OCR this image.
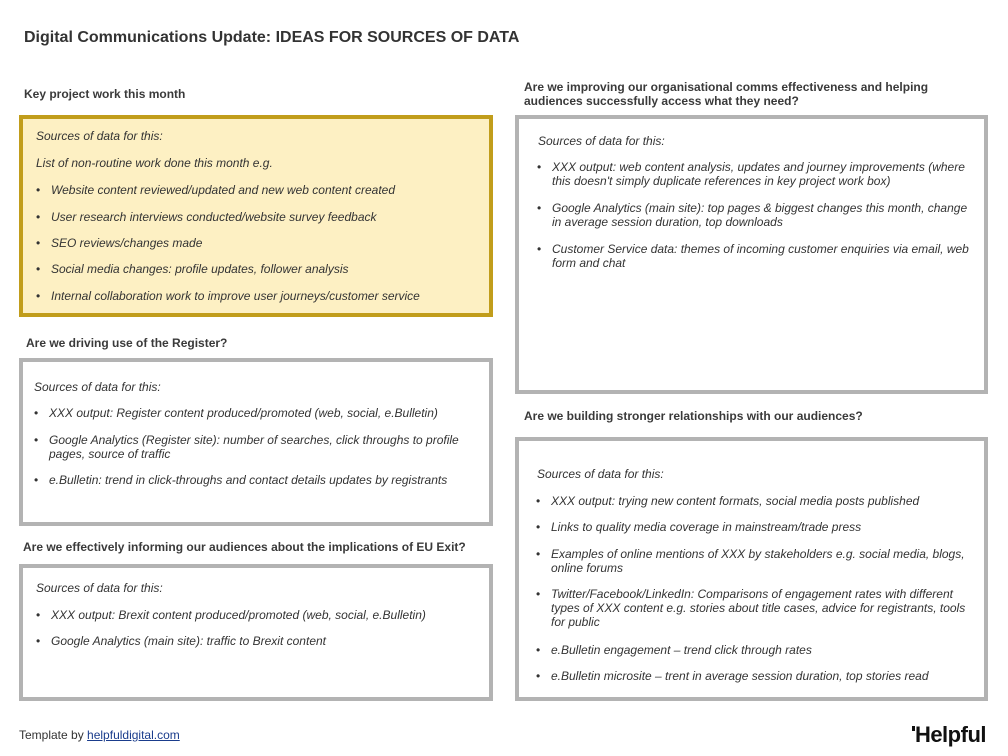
Digital Communications Update: IDEAS FOR SOURCES OF DATA
Key project work this month
Sources of data for this:
List of non-routine work done this month e.g.
• Website content reviewed/updated and new web content created
• User research interviews conducted/website survey feedback
• SEO reviews/changes made
• Social media changes: profile updates, follower analysis
• Internal collaboration work to improve user journeys/customer service
Are we improving our organisational comms effectiveness and helping audiences successfully access what they need?
Sources of data for this:
• XXX output: web content analysis, updates and journey improvements (where this doesn't simply duplicate references in key project work box)
• Google Analytics (main site): top pages & biggest changes this month, change in average session duration, top downloads
• Customer Service data: themes of incoming customer enquiries via email, web form and chat
Are we driving use of the Register?
Sources of data for this:
• XXX output: Register content produced/promoted (web, social, e.Bulletin)
• Google Analytics (Register site): number of searches, click throughs to profile pages, source of traffic
• e.Bulletin: trend in click-throughs and contact details updates by registrants
Are we effectively informing our audiences about the implications of EU Exit?
Sources of data for this:
• XXX output: Brexit content produced/promoted (web, social, e.Bulletin)
• Google Analytics (main site): traffic to Brexit content
Are we building stronger relationships with our audiences?
Sources of data for this:
• XXX output: trying new content formats, social media posts published
• Links to quality media coverage in mainstream/trade press
• Examples of online mentions of XXX by stakeholders e.g. social media, blogs, online forums
• Twitter/Facebook/LinkedIn: Comparisons of engagement rates with different types of XXX content e.g. stories about title cases, advice for registrants, tools for public
• e.Bulletin engagement – trend click through rates
• e.Bulletin microsite – trent in average session duration, top stories read
Template by helpfuldigital.com	Helpful
